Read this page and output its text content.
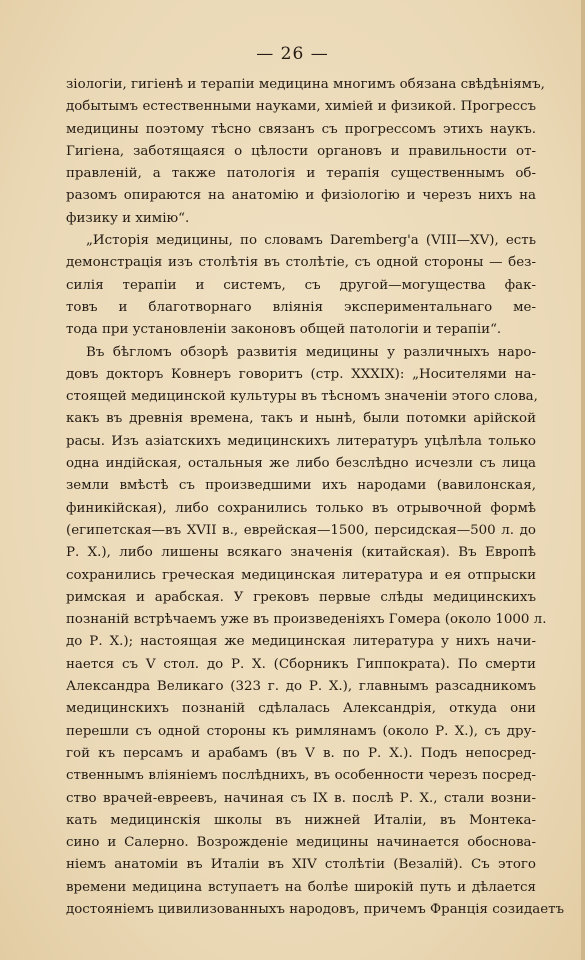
— 26 —
зіологіи, гигіенѣ и терапіи медицина многимъ обязана свѣдѣніямъ,
добытымъ естественными науками, химіей и физикой. Прогрессъ
медицины поэтому тѣсно связанъ съ прогрессомъ этихъ наукъ.
Гигіена, заботящаяся о цѣлости органовъ и правильности от-
правленій, а также патологія и терапія существеннымъ об-
разомъ опираются на анатомію и физіологію и черезъ нихъ на
физику и химію“.
„Исторія медицины, по словамъ Daremberg'a (VIII—XV), есть
демонстрація изъ столѣтія въ столѣтіе, съ одной стороны — без-
силія терапіи и системъ, съ другой—могущества фак-
товъ и благотворнаго вліянія экспериментальнаго ме-
тода при установленіи законовъ общей патологіи и терапіи“.
Въ бѣгломъ обзорѣ развитія медицины у различныхъ наро-
довъ докторъ Ковнеръ говоритъ (стр. XXXIX): „Носителями на-
стоящей медицинской культуры въ тѣсномъ значеніи этого слова,
какъ въ древнія времена, такъ и нынѣ, были потомки арійской
расы. Изъ азіатскихъ медицинскихъ литературъ уцѣлѣла только
одна индійская, остальныя же либо безслѣдно исчезли съ лица
земли вмѣстѣ съ произведшими ихъ народами (вавилонская,
финикійская), либо сохранились только въ отрывочной формѣ
(египетская—въ XVII в., еврейская—1500, персидская—500 л. до
Р. Х.), либо лишены всякаго значенія (китайская). Въ Европѣ
сохранились греческая медицинская литература и ея отпрыски
римская и арабская. У грековъ первые слѣды медицинскихъ
познаній встрѣчаемъ уже въ произведеніяхъ Гомера (около 1000 л.
до Р. Х.); настоящая же медицинская литература у нихъ начи-
нается съ V стол. до Р. Х. (Сборникъ Гиппократа). По смерти
Александра Великаго (323 г. до Р. Х.), главнымъ разсадникомъ
медицинскихъ познаній сдѣлалась Александрія, откуда они
перешли съ одной стороны къ римлянамъ (около Р. Х.), съ дру-
гой къ персамъ и арабамъ (въ V в. по Р. Х.). Подъ непосред-
ственнымъ вліяніемъ послѣднихъ, въ особенности черезъ посред-
ство врачей-евреевъ, начиная съ IX в. послѣ Р. Х., стали возни-
кать медицинскія школы въ нижней Италіи, въ Монтека-
сино и Салерно. Возрожденіе медицины начинается обоснова-
ніемъ анатоміи въ Италіи въ XIV столѣтіи (Везалій). Съ этого
времени медицина вступаетъ на болѣе широкій путь и дѣлается
достояніемъ цивилизованныхъ народовъ, причемъ Франція созидаетъ
